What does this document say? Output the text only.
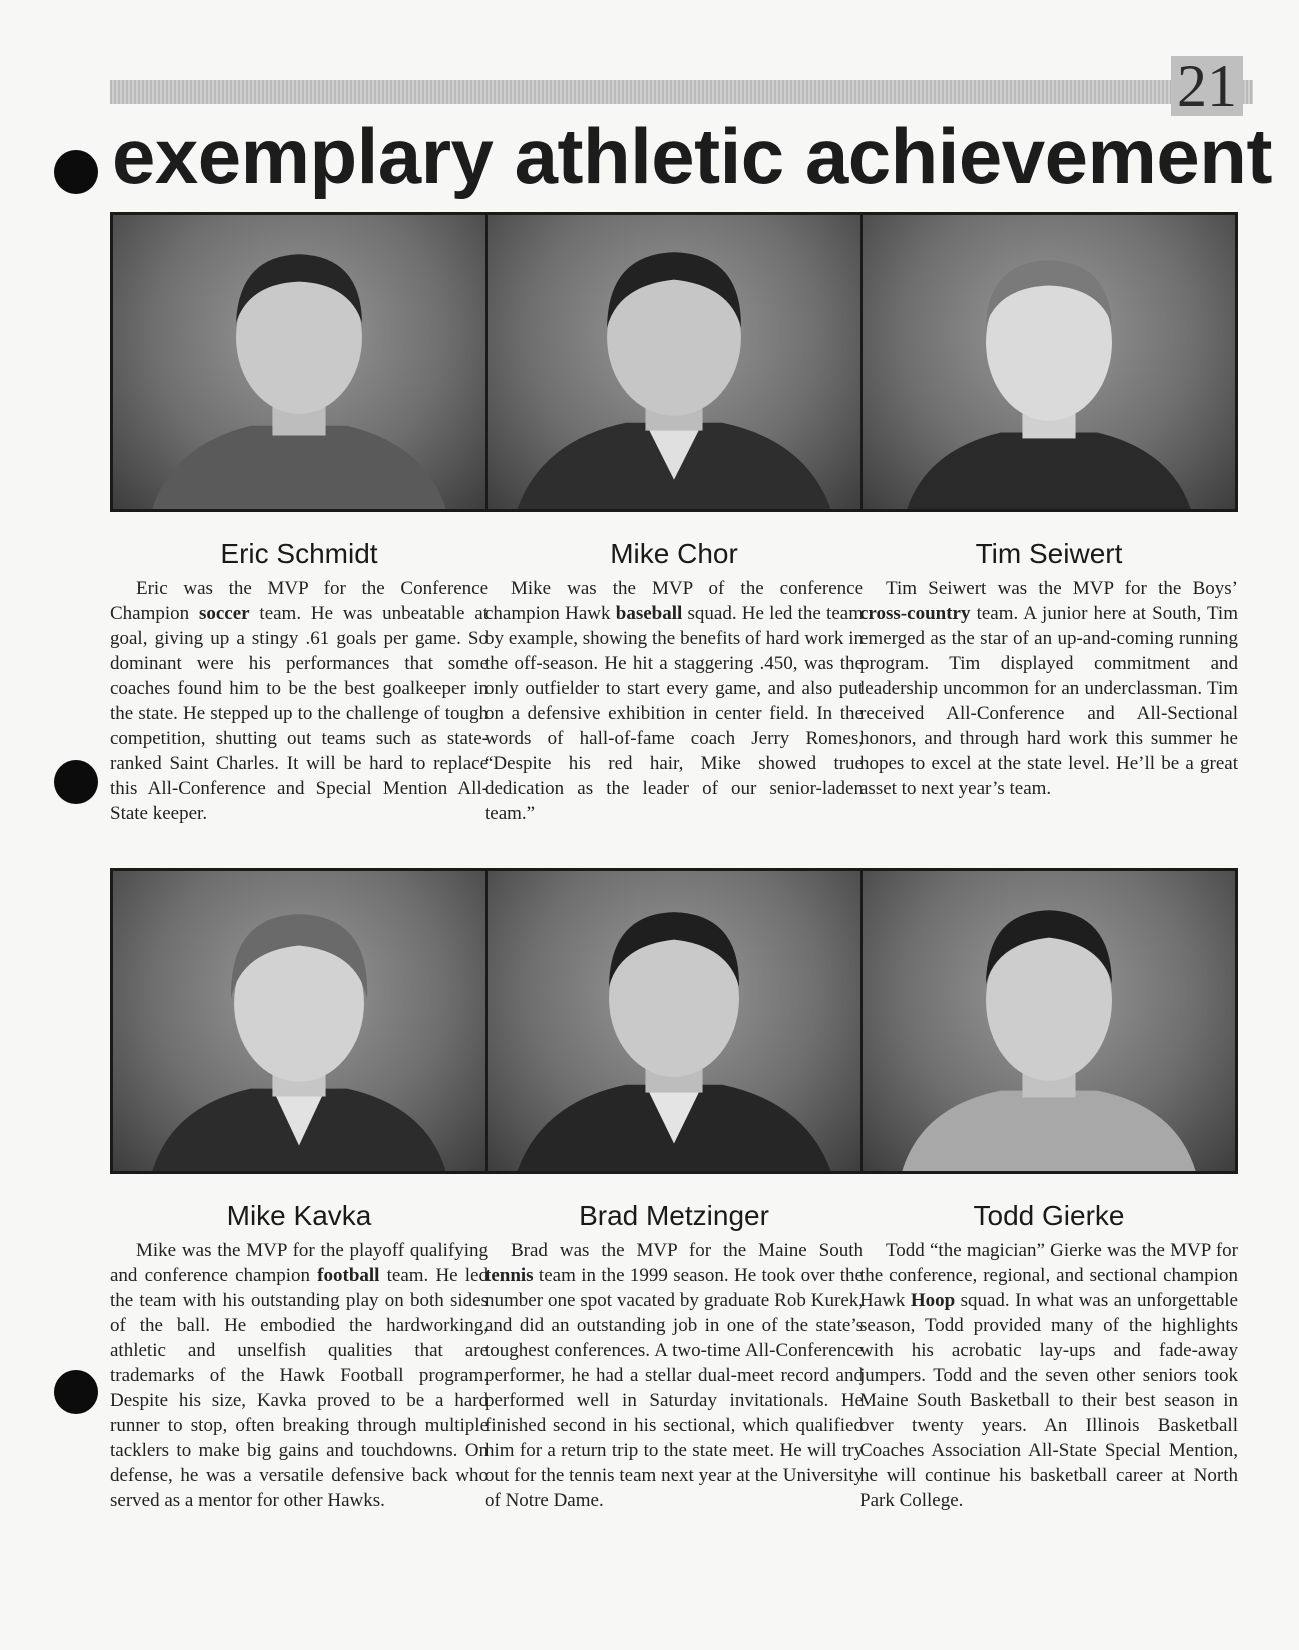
21
exemplary athletic achievement
Eric Schmidt

Eric was the MVP for the Conference Champion soccer team. He was unbeatable at goal, giving up a stingy .61 goals per game. So dominant were his performances that some coaches found him to be the best goalkeeper in the state. He stepped up to the challenge of tough competition, shutting out teams such as state-ranked Saint Charles. It will be hard to replace this All-Conference and Special Mention All-State keeper.

Mike Chor

Mike was the MVP of the conference champion Hawk baseball squad. He led the team by example, showing the benefits of hard work in the off-season. He hit a staggering .450, was the only outfielder to start every game, and also put on a defensive exhibition in center field. In the words of hall-of-fame coach Jerry Romes, “Despite his red hair, Mike showed true dedication as the leader of our senior-laden team.”

Tim Seiwert

Tim Seiwert was the MVP for the Boys’ cross-country team. A junior here at South, Tim emerged as the star of an up-and-coming running program. Tim displayed commitment and leadership uncommon for an underclassman. Tim received All-Conference and All-Sectional honors, and through hard work this summer he hopes to excel at the state level. He’ll be a great asset to next year’s team.

Mike Kavka

Mike was the MVP for the playoff qualifying and conference champion football team. He led the team with his outstanding play on both sides of the ball. He embodied the hardworking, athletic and unselfish qualities that are trademarks of the Hawk Football program. Despite his size, Kavka proved to be a hard runner to stop, often breaking through multiple tacklers to make big gains and touchdowns. On defense, he was a versatile defensive back who served as a mentor for other Hawks.

Brad Metzinger

Brad was the MVP for the Maine South tennis team in the 1999 season. He took over the number one spot vacated by graduate Rob Kurek, and did an outstanding job in one of the state’s toughest conferences. A two-time All-Conference performer, he had a stellar dual-meet record and performed well in Saturday invitationals. He finished second in his sectional, which qualified him for a return trip to the state meet. He will try out for the tennis team next year at the University of Notre Dame.

Todd Gierke

Todd “the magician” Gierke was the MVP for the conference, regional, and sectional champion Hawk Hoop squad. In what was an unforgettable season, Todd provided many of the highlights with his acrobatic lay-ups and fade-away jumpers. Todd and the seven other seniors took Maine South Basketball to their best season in over twenty years. An Illinois Basketball Coaches Association All-State Special Mention, he will continue his basketball career at North Park College.
